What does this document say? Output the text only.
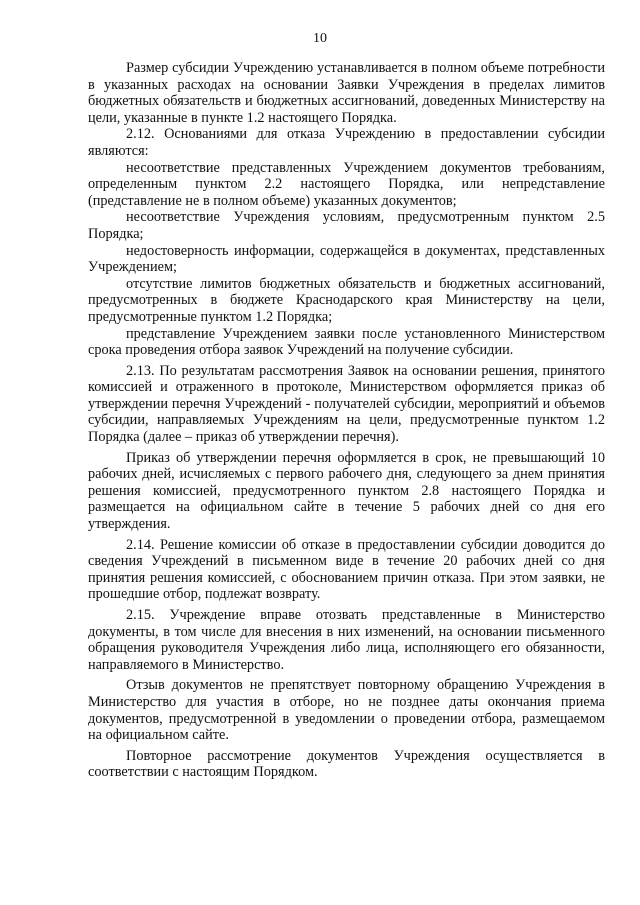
10

Размер субсидии Учреждению устанавливается в полном объеме потребности в указанных расходах на основании Заявки Учреждения в пределах лимитов бюджетных обязательств и бюджетных ассигнований, доведенных Министерству на цели, указанные в пункте 1.2 настоящего Порядка.

2.12. Основаниями для отказа Учреждению в предоставлении субсидии являются:

несоответствие представленных Учреждением документов требованиям, определенным пунктом 2.2 настоящего Порядка, или непредставление (представление не в полном объеме) указанных документов;

несоответствие Учреждения условиям, предусмотренным пунктом 2.5 Порядка;

недостоверность информации, содержащейся в документах, представленных Учреждением;

отсутствие лимитов бюджетных обязательств и бюджетных ассигнований, предусмотренных в бюджете Краснодарского края Министерству на цели, предусмотренные пунктом 1.2 Порядка;

представление Учреждением заявки после установленного Министерством срока проведения отбора заявок Учреждений на получение субсидии.

2.13. По результатам рассмотрения Заявок на основании решения, принятого комиссией и отраженного в протоколе, Министерством оформляется приказ об утверждении перечня Учреждений - получателей субсидии, мероприятий и объемов субсидии, направляемых Учреждениям на цели, предусмотренные пунктом 1.2 Порядка (далее – приказ об утверждении перечня).

Приказ об утверждении перечня оформляется в срок, не превышающий 10 рабочих дней, исчисляемых с первого рабочего дня, следующего за днем принятия решения комиссией, предусмотренного пунктом 2.8 настоящего Порядка и размещается на официальном сайте в течение 5 рабочих дней со дня его утверждения.

2.14. Решение комиссии об отказе в предоставлении субсидии доводится до сведения Учреждений в письменном виде в течение 20 рабочих дней со дня принятия решения комиссией, с обоснованием причин отказа. При этом заявки, не прошедшие отбор, подлежат возврату.

2.15. Учреждение вправе отозвать представленные в Министерство документы, в том числе для внесения в них изменений, на основании письменного обращения руководителя Учреждения либо лица, исполняющего его обязанности, направляемого в Министерство.

Отзыв документов не препятствует повторному обращению Учреждения в Министерство для участия в отборе, но не позднее даты окончания приема документов, предусмотренной в уведомлении о проведении отбора, размещаемом на официальном сайте.

Повторное рассмотрение документов Учреждения осуществляется в соответствии с настоящим Порядком.
